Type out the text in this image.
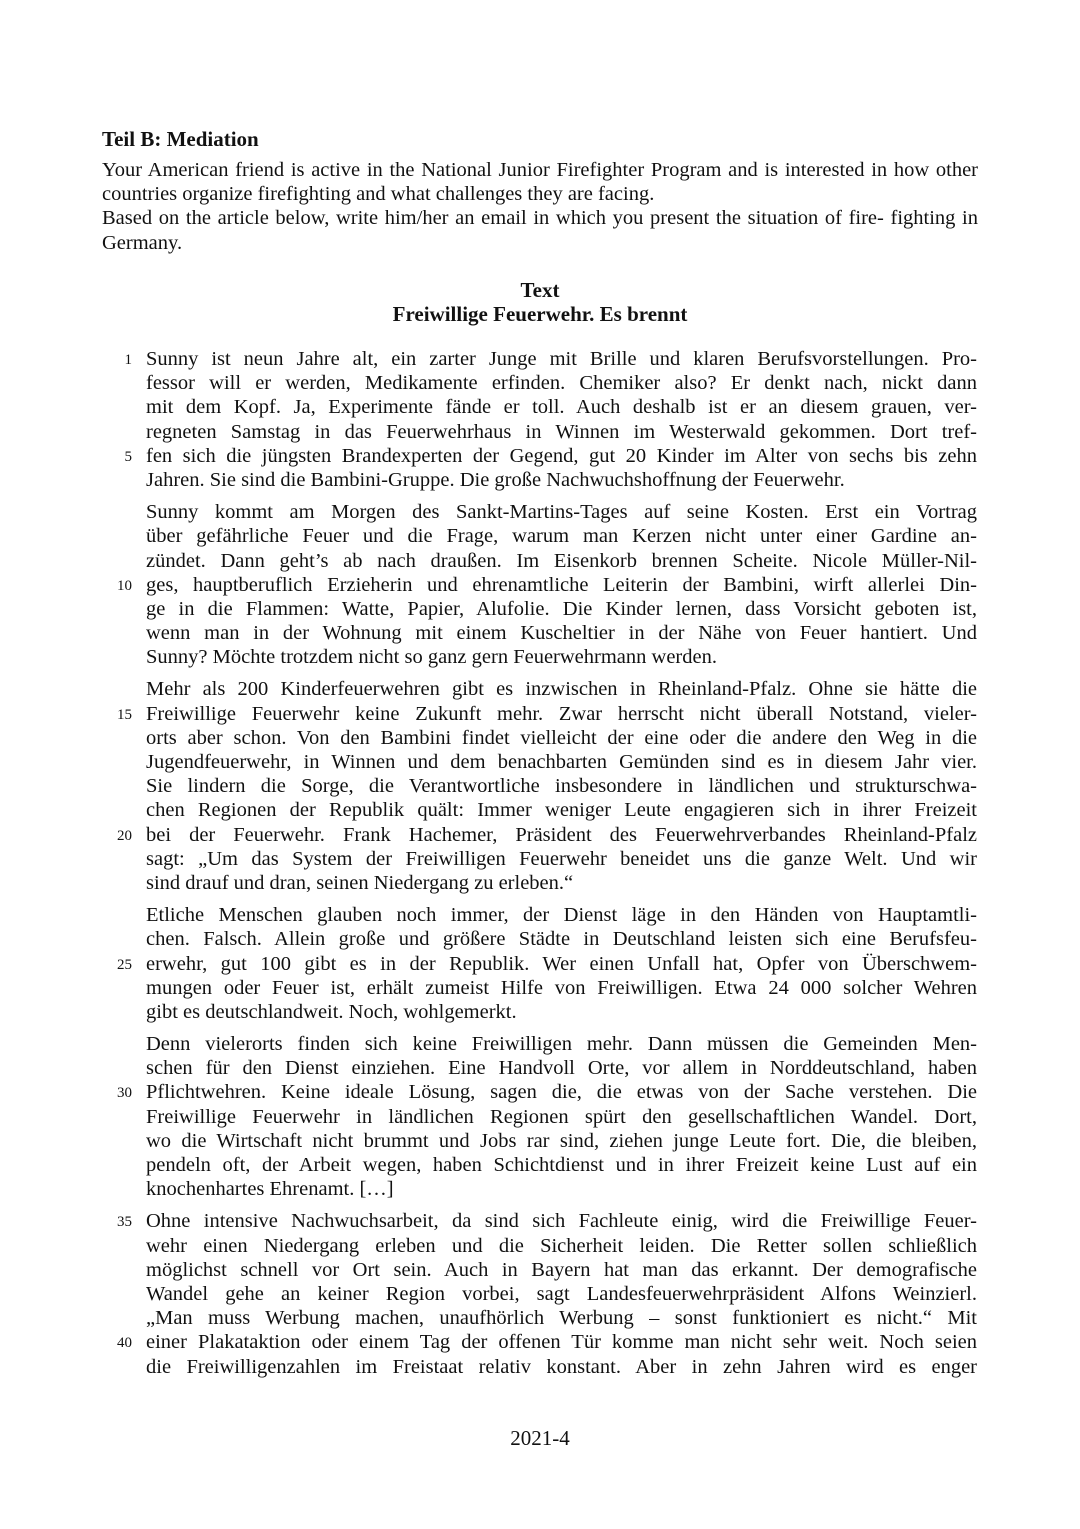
Teil B: Mediation

Your American friend is active in the National Junior Firefighter Program and is interested in how other countries organize firefighting and what challenges they are facing.

Based on the article below, write him/her an email in which you present the situation of fire- fighting in Germany.

Text
Freiwillige Feuerwehr. Es brennt
1 Sunny ist neun Jahre alt, ein zarter Junge mit Brille und klaren Berufsvorstellungen. Pro-
fessor will er werden, Medikamente erfinden. Chemiker also? Er denkt nach, nickt dann
mit dem Kopf. Ja, Experimente fände er toll. Auch deshalb ist er an diesem grauen, ver-
regneten Samstag in das Feuerwehrhaus in Winnen im Westerwald gekommen. Dort tref-
5 fen sich die jüngsten Brandexperten der Gegend, gut 20 Kinder im Alter von sechs bis zehn
Jahren. Sie sind die Bambini-Gruppe. Die große Nachwuchshoffnung der Feuerwehr.
Sunny kommt am Morgen des Sankt-Martins-Tages auf seine Kosten. Erst ein Vortrag
über gefährliche Feuer und die Frage, warum man Kerzen nicht unter einer Gardine an-
zündet. Dann geht’s ab nach draußen. Im Eisenkorb brennen Scheite. Nicole Müller-Nil-
10 ges, hauptberuflich Erzieherin und ehrenamtliche Leiterin der Bambini, wirft allerlei Din-
ge in die Flammen: Watte, Papier, Alufolie. Die Kinder lernen, dass Vorsicht geboten ist,
wenn man in der Wohnung mit einem Kuscheltier in der Nähe von Feuer hantiert. Und
Sunny? Möchte trotzdem nicht so ganz gern Feuerwehrmann werden.
Mehr als 200 Kinderfeuerwehren gibt es inzwischen in Rheinland-Pfalz. Ohne sie hätte die
15 Freiwillige Feuerwehr keine Zukunft mehr. Zwar herrscht nicht überall Notstand, vieler-
orts aber schon. Von den Bambini findet vielleicht der eine oder die andere den Weg in die
Jugendfeuerwehr, in Winnen und dem benachbarten Gemünden sind es in diesem Jahr vier.
Sie lindern die Sorge, die Verantwortliche insbesondere in ländlichen und strukturschwa-
chen Regionen der Republik quält: Immer weniger Leute engagieren sich in ihrer Freizeit
20 bei der Feuerwehr. Frank Hachemer, Präsident des Feuerwehrverbandes Rheinland-Pfalz
sagt: „Um das System der Freiwilligen Feuerwehr beneidet uns die ganze Welt. Und wir
sind drauf und dran, seinen Niedergang zu erleben.“
Etliche Menschen glauben noch immer, der Dienst läge in den Händen von Hauptamtli-
chen. Falsch. Allein große und größere Städte in Deutschland leisten sich eine Berufsfeu-
25 erwehr, gut 100 gibt es in der Republik. Wer einen Unfall hat, Opfer von Überschwem-
mungen oder Feuer ist, erhält zumeist Hilfe von Freiwilligen. Etwa 24 000 solcher Wehren
gibt es deutschlandweit. Noch, wohlgemerkt.
Denn vielerorts finden sich keine Freiwilligen mehr. Dann müssen die Gemeinden Men-
schen für den Dienst einziehen. Eine Handvoll Orte, vor allem in Norddeutschland, haben
30 Pflichtwehren. Keine ideale Lösung, sagen die, die etwas von der Sache verstehen. Die
Freiwillige Feuerwehr in ländlichen Regionen spürt den gesellschaftlichen Wandel. Dort,
wo die Wirtschaft nicht brummt und Jobs rar sind, ziehen junge Leute fort. Die, die bleiben,
pendeln oft, der Arbeit wegen, haben Schichtdienst und in ihrer Freizeit keine Lust auf ein
knochenhartes Ehrenamt. […]
35 Ohne intensive Nachwuchsarbeit, da sind sich Fachleute einig, wird die Freiwillige Feuer-
wehr einen Niedergang erleben und die Sicherheit leiden. Die Retter sollen schließlich
möglichst schnell vor Ort sein. Auch in Bayern hat man das erkannt. Der demografische
Wandel gehe an keiner Region vorbei, sagt Landesfeuerwehrpräsident Alfons Weinzierl.
„Man muss Werbung machen, unaufhörlich Werbung – sonst funktioniert es nicht.“ Mit
40 einer Plakataktion oder einem Tag der offenen Tür komme man nicht sehr weit. Noch seien
die Freiwilligenzahlen im Freistaat relativ konstant. Aber in zehn Jahren wird es enger
2021-4
